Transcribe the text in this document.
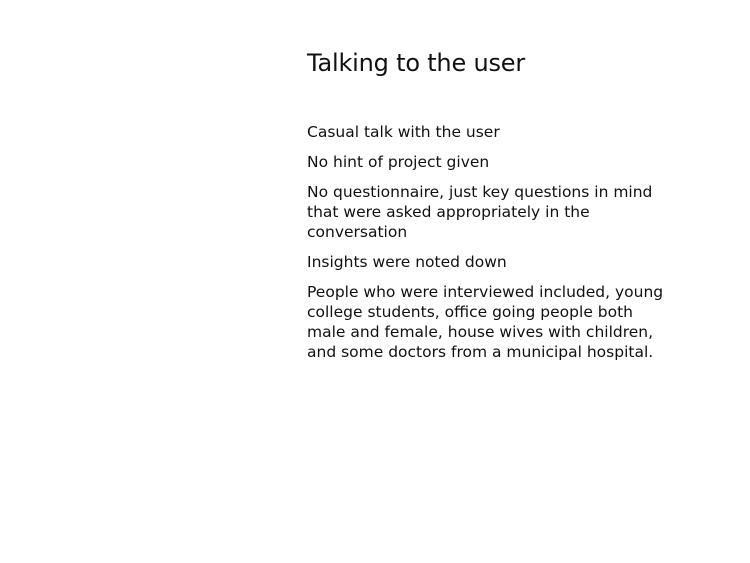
Talking to the user
Casual talk with the user
No hint of project given
No questionnaire, just key questions in mind that were asked appropriately in the conversation
Insights were noted down
People who were interviewed included, young college students, office going people both male and female, house wives with children, and some doctors from a municipal hospital.
